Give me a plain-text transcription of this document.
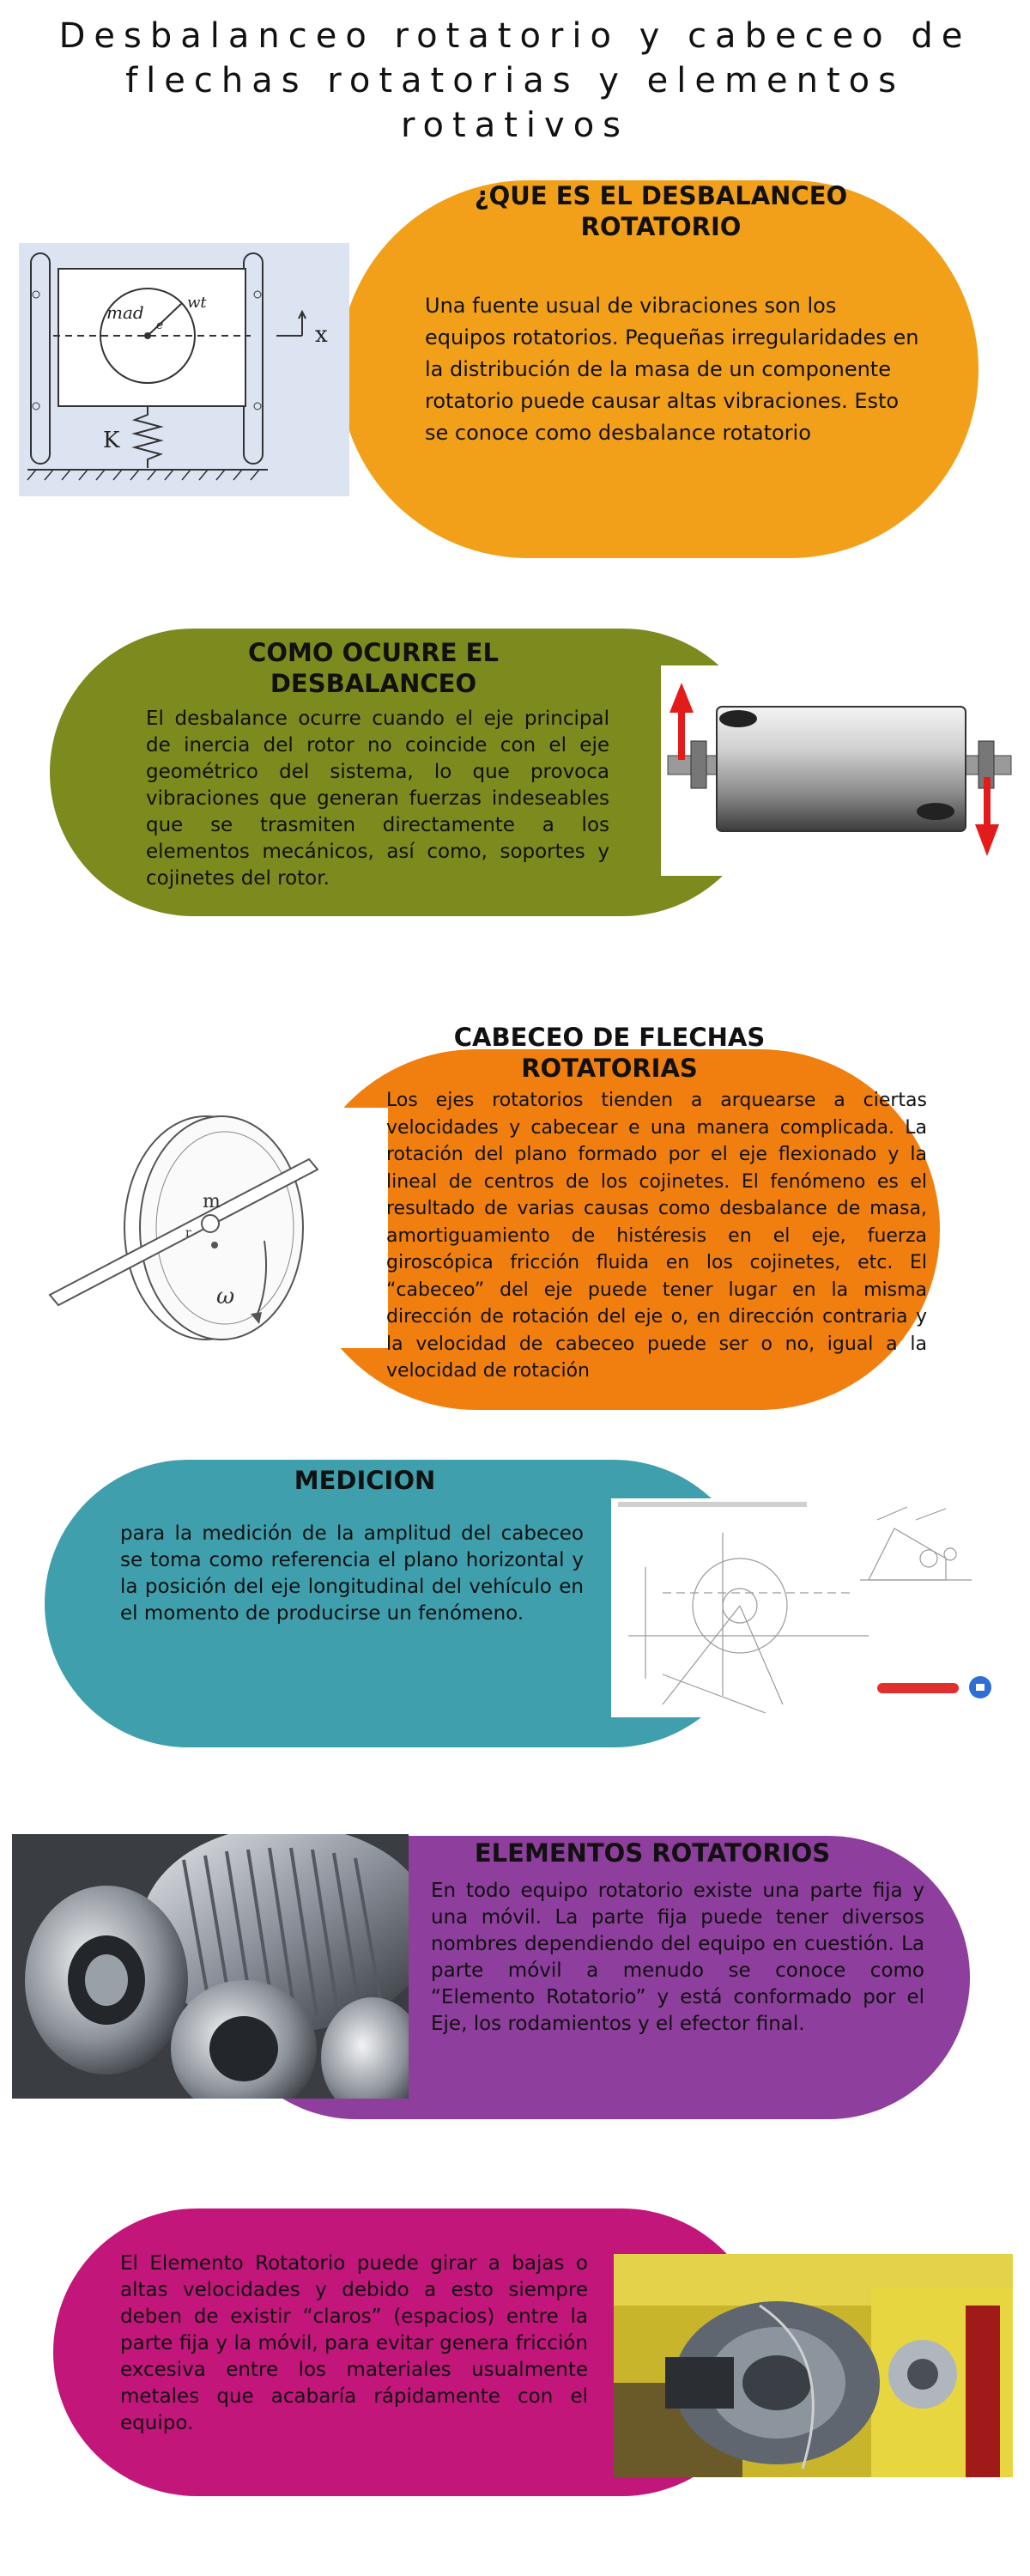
Desbalanceo rotatorio y cabeceo de flechas rotatorias y elementos rotativos
mad
e
wt
x
K
¿QUE ES EL DESBALANCEO ROTATORIO
Una fuente usual de vibraciones son los equipos rotatorios. Pequeñas irregularidades en la distribución de la masa de un componente rotatorio puede causar altas vibraciones. Esto se conoce como desbalance rotatorio
COMO OCURRE EL DESBALANCEO
El desbalance ocurre cuando el eje principal de inercia del rotor no coincide con el eje geométrico del sistema, lo que provoca vibraciones que generan fuerzas indeseables que se trasmiten directamente a los elementos mecánicos, así como, soportes y cojinetes del rotor.
m
r
ω
CABECEO DE FLECHAS ROTATORIAS
Los ejes rotatorios tienden a arquearse a ciertas velocidades y cabecear e una manera complicada. La rotación del plano formado por el eje flexionado y la lineal de centros de los cojinetes. El fenómeno es el resultado de varias causas como desbalance de masa, amortiguamiento de histéresis en el eje, fuerza giroscópica fricción fluida en los cojinetes, etc. El “cabeceo” del eje puede tener lugar en la misma dirección de rotación del eje o, en dirección contraria y la velocidad de cabeceo puede ser o no, igual a la velocidad de rotación
MEDICION
para la medición de la amplitud del cabeceo se toma como referencia el plano horizontal y la posición del eje longitudinal del vehículo en el momento de producirse un fenómeno.
ELEMENTOS ROTATORIOS
En todo equipo rotatorio existe una parte fija y una móvil. La parte fija puede tener diversos nombres dependiendo del equipo en cuestión. La parte móvil a menudo se conoce como “Elemento Rotatorio” y está conformado por el Eje, los rodamientos y el efector final.
El Elemento Rotatorio puede girar a bajas o altas velocidades y debido a esto siempre deben de existir “claros” (espacios) entre la parte fija y la móvil, para evitar genera fricción excesiva entre los materiales usualmente metales que acabaría rápidamente con el equipo.
